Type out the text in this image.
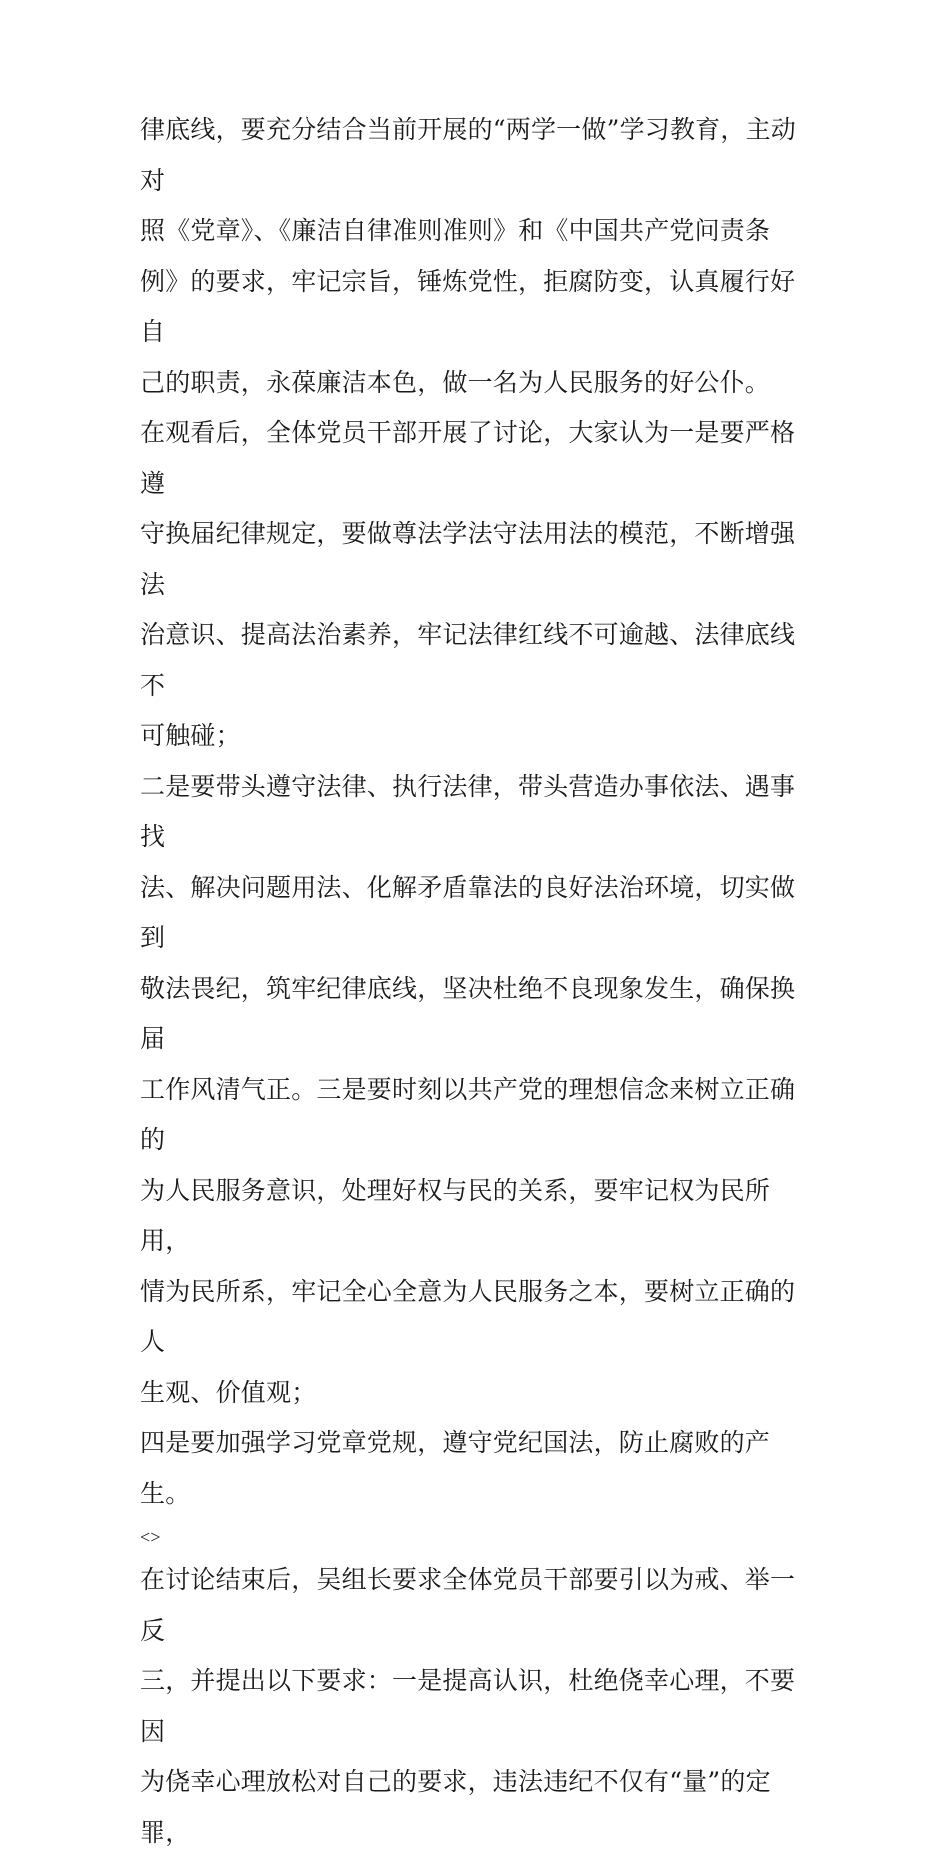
律底线，要充分结合当前开展的“两学一做”学习教育，主动对
照《党章》、《廉洁自律准则准则》和《中国共产党问责条
例》的要求，牢记宗旨，锤炼党性，拒腐防变，认真履行好自
己的职责，永葆廉洁本色，做一名为人民服务的好公仆。

在观看后，全体党员干部开展了讨论，大家认为一是要严格遵
守换届纪律规定，要做尊法学法守法用法的模范，不断增强法
治意识、提高法治素养，牢记法律红线不可逾越、法律底线不
可触碰；

二是要带头遵守法律、执行法律，带头营造办事依法、遇事找
法、解决问题用法、化解矛盾靠法的良好法治环境，切实做到
敬法畏纪，筑牢纪律底线，坚决杜绝不良现象发生，确保换届
工作风清气正。三是要时刻以共产党的理想信念来树立正确的
为人民服务意识，处理好权与民的关系，要牢记权为民所用，
情为民所系，牢记全心全意为人民服务之本，要树立正确的人
生观、价值观；

四是要加强学习党章党规，遵守党纪国法，防止腐败的产生。

<>

在讨论结束后，吴组长要求全体党员干部要引以为戒、举一反
三，并提出以下要求：一是提高认识，杜绝侥幸心理，不要因
为侥幸心理放松对自己的要求，违法违纪不仅有“量”的定罪，
